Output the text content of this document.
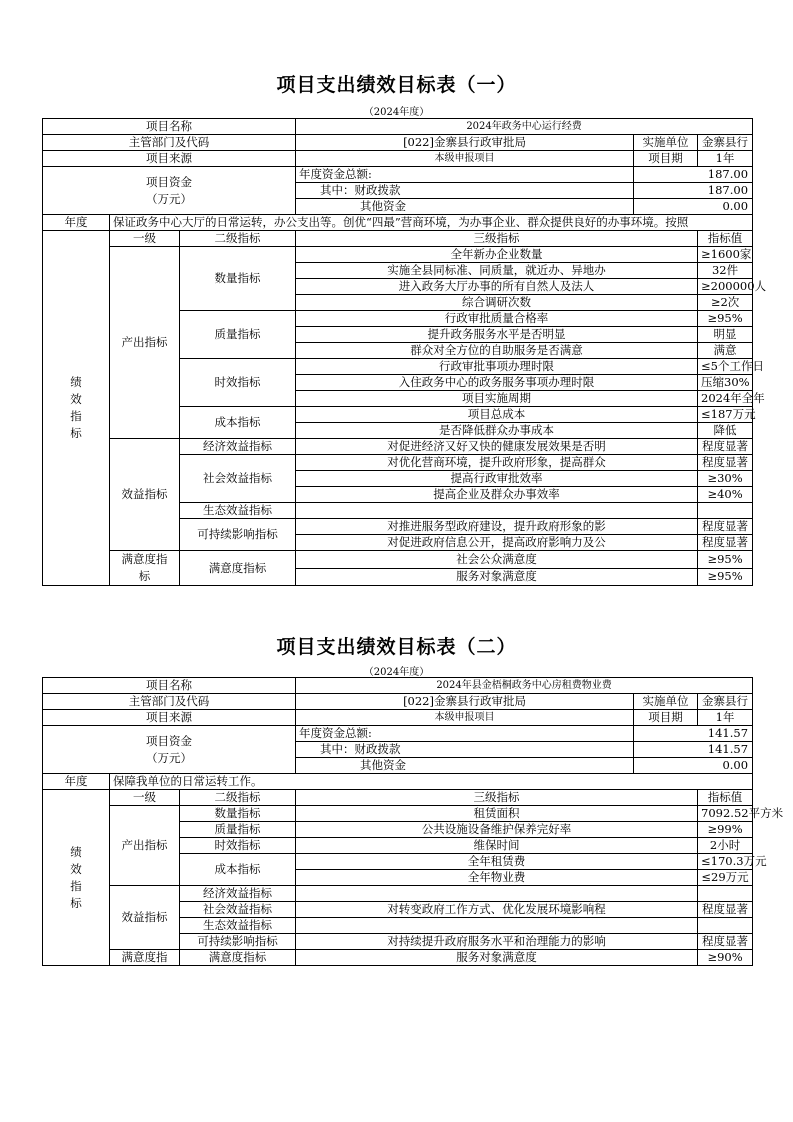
项目支出绩效目标表（一）
（2024年度）
项目名称			2024年政务中心运行经费		
主管部门及代码			[022]金寨县行政审批局	实施单位	金寨县行
项目来源			本级申报项目	项目期	1年

项目资金
（万元）			年度资金总额:	187.00	
			其中：财政拨款	187.00	
			其他资金	0.00	
年度	保证政务中心大厅的日常运转，办公支出等。创优“四最”营商环境，为办事企业、群众提供良好的办事环境。按照				

绩
效
指
标	一级	二级指标	三级指标		指标值
	产出指标	数量指标	全年新办企业数量		≥1600家
			实施全县同标准、同质量，就近办、异地办		32件
			进入政务大厅办事的所有自然人及法人		≥200000人
			综合调研次数		≥2次
		质量指标	行政审批质量合格率		≥95%
			提升政务服务水平是否明显		明显
			群众对全方位的自助服务是否满意		满意
		时效指标	行政审批事项办理时限		≤5个工作日
			入住政务中心的政务服务事项办理时限		压缩30%
			项目实施周期		2024年全年
		成本指标	项目总成本		≤187万元
			是否降低群众办事成本		降低
	效益指标	经济效益指标	对促进经济又好又快的健康发展效果是否明		程度显著
		社会效益指标	对优化营商环境，提升政府形象，提高群众		程度显著
			提高行政审批效率		≥30%
			提高企业及群众办事效率		≥40%
		生态效益指标			
		可持续影响指标	对推进服务型政府建设，提升政府形象的影		程度显著
			对促进政府信息公开，提高政府影响力及公		程度显著

	满意度指
标	满意度指标	社会公众满意度		≥95%
			服务对象满意度		≥95%
项目支出绩效目标表（二）
（2024年度）
项目名称			2024年县金梧桐政务中心房租费物业费		
主管部门及代码			[022]金寨县行政审批局	实施单位	金寨县行
项目来源			本级申报项目	项目期	1年

项目资金
（万元）			年度资金总额:	141.57	
			其中：财政拨款	141.57	
			其他资金	0.00	
年度	保障我单位的日常运转工作。				

绩
效
指
标	一级	二级指标	三级指标		指标值
	产出指标	数量指标	租赁面积		7092.52平方米
		质量指标	公共设施设备维护保养完好率		≥99%
		时效指标	维保时间		2小时
		成本指标	全年租赁费		≤170.3万元
			全年物业费		≤29万元
	效益指标	经济效益指标			
		社会效益指标	对转变政府工作方式、优化发展环境影响程		程度显著
		生态效益指标			
		可持续影响指标	对持续提升政府服务水平和治理能力的影响		程度显著
	满意度指	满意度指标	服务对象满意度		≥90%
